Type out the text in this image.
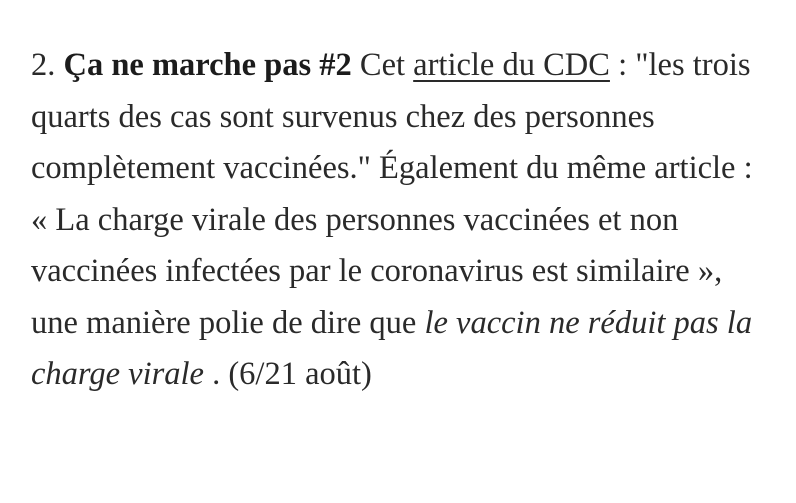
2. Ça ne marche pas #2 Cet article du CDC : "les trois quarts des cas sont survenus chez des personnes complètement vaccinées." Également du même article : « La charge virale des personnes vaccinées et non vaccinées infectées par le coronavirus est similaire », une manière polie de dire que le vaccin ne réduit pas la charge virale . (6/21 août)
